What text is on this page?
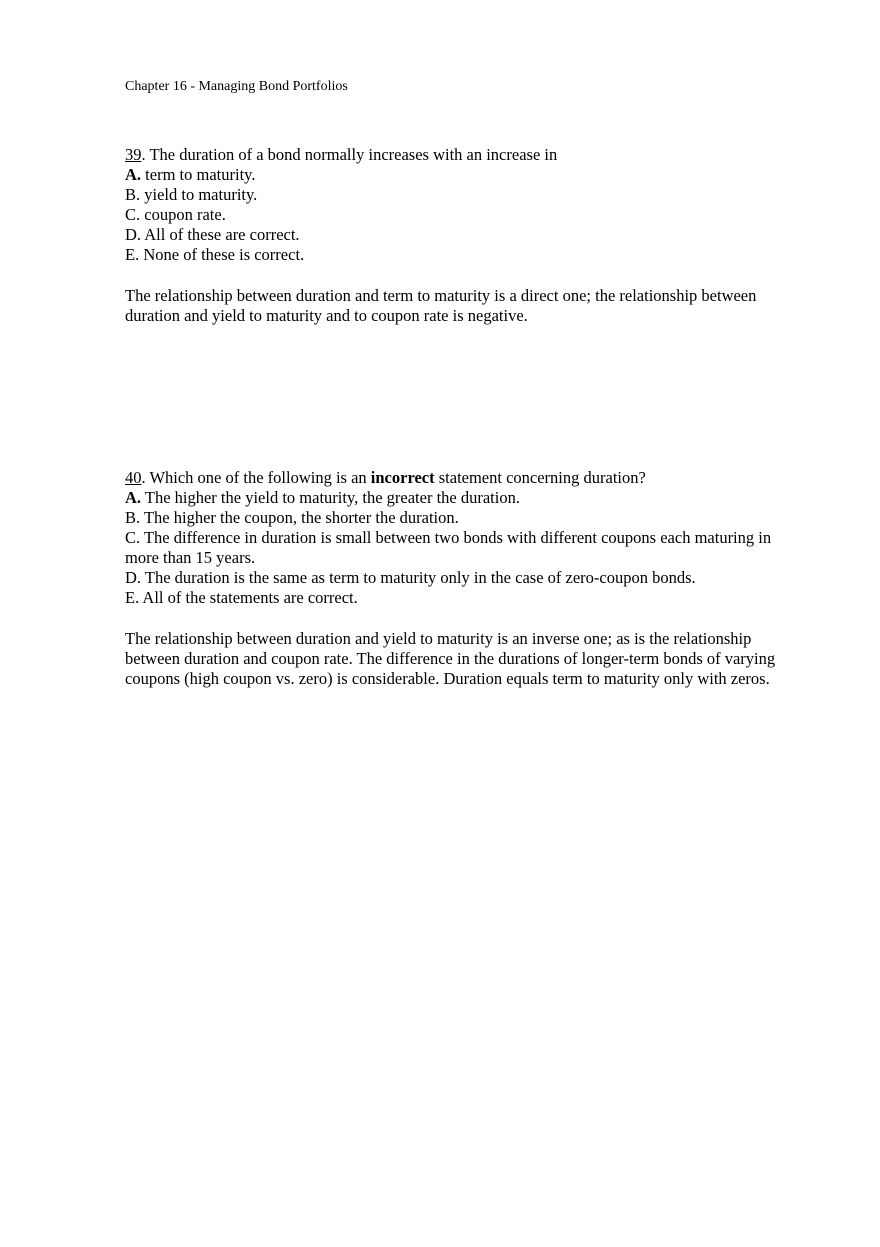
Chapter 16 - Managing Bond Portfolios
39. The duration of a bond normally increases with an increase in
A. term to maturity.
B. yield to maturity.
C. coupon rate.
D. All of these are correct.
E. None of these is correct.
The relationship between duration and term to maturity is a direct one; the relationship between duration and yield to maturity and to coupon rate is negative.
40. Which one of the following is an incorrect statement concerning duration?
A. The higher the yield to maturity, the greater the duration.
B. The higher the coupon, the shorter the duration.
C. The difference in duration is small between two bonds with different coupons each maturing in more than 15 years.
D. The duration is the same as term to maturity only in the case of zero-coupon bonds.
E. All of the statements are correct.
The relationship between duration and yield to maturity is an inverse one; as is the relationship between duration and coupon rate. The difference in the durations of longer-term bonds of varying coupons (high coupon vs. zero) is considerable. Duration equals term to maturity only with zeros.
